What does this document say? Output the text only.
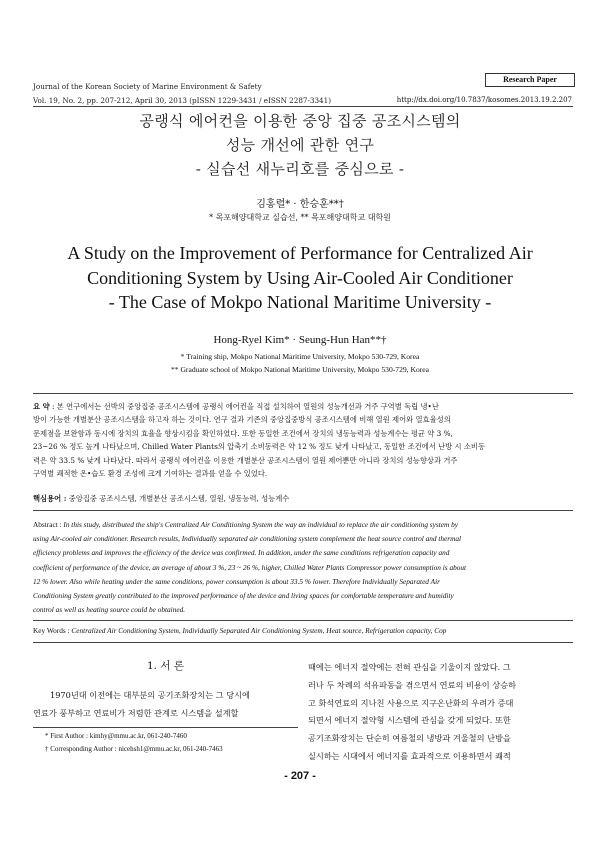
Journal of the Korean Society of Marine Environment & Safety
Research Paper
Vol. 19, No. 2, pp. 207-212, April 30, 2013 (pISSN 1229-3431 / eISSN 2287-3341)	http://dx.doi.org/10.7837/kosomes.2013.19.2.207
공랭식 에어컨을 이용한 중앙 집중 공조시스템의
성능 개선에 관한 연구
- 실습선 새누리호를 중심으로 -
김홍렬* · 한승훈**†
* 목포해양대학교 실습선, ** 목포해양대학교 대학원
A Study on the Improvement of Performance for Centralized Air
Conditioning System by Using Air-Cooled Air Conditioner
- The Case of Mokpo National Maritime University -
Hong-Ryel Kim* · Seung-Hun Han**†
* Training ship, Mokpo National Maritime University, Mokpo 530-729, Korea
** Graduate school of Mokpo National Maritime University, Mokpo 530-729, Korea
요 약 : 본 연구에서는 선박의 중앙집중 공조시스템에 공랭식 에어컨을 직접 설치하여 열원의 성능개선과 거주 구역별 독립 냉•난
방이 가능한 개별분산 공조시스템을 하고자 하는 것이다. 연구 결과 기존의 중앙집중방식 공조시스템에 비해 열원 제어와 열효율성의
문제점을 보완함과 동시에 장치의 효율을 향상시킴을 확인하였다. 또한 동일한 조건에서 장치의 냉동능력과 성능계수는 평균 약 3 %,
23~26 % 정도 높게 나타났으며, Chilled Water Plants의 압축기 소비동력은 약 12 % 정도 낮게 나타났고, 동일한 조건에서 난방 시 소비동
력은 약 33.5 % 낮게 나타났다. 따라서 공랭식 에어컨을 이용한 개별분산 공조시스템이 열원 제어뿐만 아니라 장치의 성능향상과 거주
구역별 쾌적한 온•습도 환경 조성에 크게 기여하는 결과를 얻을 수 있었다.
핵심용어 : 중앙집중 공조시스템, 개별분산 공조시스템, 열원, 냉동능력, 성능계수
Abstract : In this study, distributed the ship's Centralized Air Conditioning System the way an individual to replace the air conditioning system by
using Air-cooled air conditioner. Research results, Individually separated air conditioning system complement the heat source control and thermal
efficiency problems and improves the efficiency of the device was confirmed. In addition, under the same conditions refrigeration capacity and
coefficient of performance of the device, an average of about 3 %, 23 ~ 26 %, higher, Chilled Water Plants Compressor power consumption is about
12 % lower. Also while heating under the same conditions, power consumption is about 33.5 % lower. Therefore Individually Separated Air
Conditioning System greatly contributed to the improved performance of the device and living spaces for comfortable temperature and humidity
control as well as heating source could be obtained.
Key Words : Centralized Air Conditioning System, Individually Separated Air Conditioning System, Heat source, Refrigeration capacity, Cop
1. 서 론
1970년대 이전에는 대부분의 공기조화장치는 그 당시에
연료가 풍부하고 연료비가 저렴한 관계로 시스템을 설계할
때에는 에너지 절약에는 전혀 관심을 기울이지 않았다. 그
러나 두 차례의 석유파동을 겪으면서 연료의 비용이 상승하
고 화석연료의 지나친 사용으로 지구온난화의 우려가 증대
되면서 에너지 절약형 시스템에 관심을 갖게 되었다. 또한
공기조화장치는 단순히 여름철의 냉방과 겨울철의 난방을
실시하는 시대에서 에너지를 효과적으로 이용하면서 쾌적
* First Author : kimhy@mmu.ac.kr, 061-240-7460
† Corresponding Author : nicehsh1@mmu.ac.kr, 061-240-7463
- 207 -
